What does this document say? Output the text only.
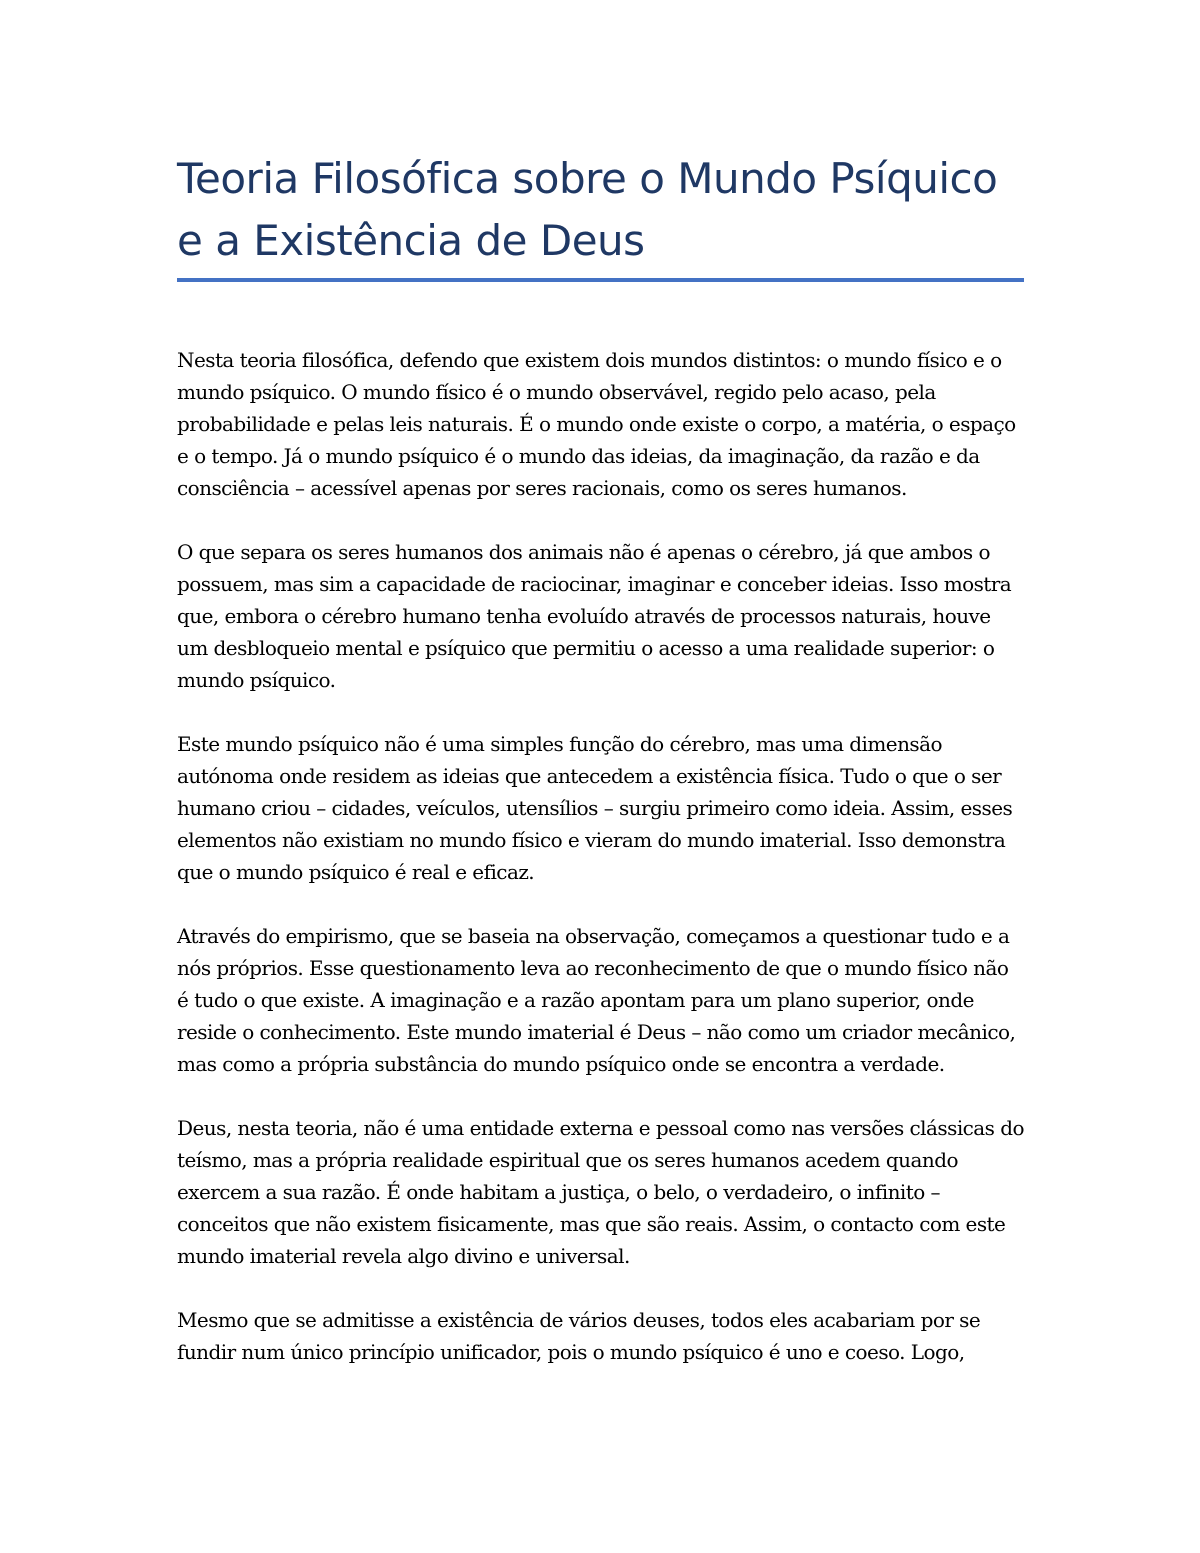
Teoria Filosófica sobre o Mundo Psíquico e a Existência de Deus

Nesta teoria filosófica, defendo que existem dois mundos distintos: o mundo físico e o mundo psíquico. O mundo físico é o mundo observável, regido pelo acaso, pela probabilidade e pelas leis naturais. É o mundo onde existe o corpo, a matéria, o espaço e o tempo. Já o mundo psíquico é o mundo das ideias, da imaginação, da razão e da consciência – acessível apenas por seres racionais, como os seres humanos.

O que separa os seres humanos dos animais não é apenas o cérebro, já que ambos o possuem, mas sim a capacidade de raciocinar, imaginar e conceber ideias. Isso mostra que, embora o cérebro humano tenha evoluído através de processos naturais, houve um desbloqueio mental e psíquico que permitiu o acesso a uma realidade superior: o mundo psíquico.

Este mundo psíquico não é uma simples função do cérebro, mas uma dimensão autónoma onde residem as ideias que antecedem a existência física. Tudo o que o ser humano criou – cidades, veículos, utensílios – surgiu primeiro como ideia. Assim, esses elementos não existiam no mundo físico e vieram do mundo imaterial. Isso demonstra que o mundo psíquico é real e eficaz.

Através do empirismo, que se baseia na observação, começamos a questionar tudo e a nós próprios. Esse questionamento leva ao reconhecimento de que o mundo físico não é tudo o que existe. A imaginação e a razão apontam para um plano superior, onde reside o conhecimento. Este mundo imaterial é Deus – não como um criador mecânico, mas como a própria substância do mundo psíquico onde se encontra a verdade.

Deus, nesta teoria, não é uma entidade externa e pessoal como nas versões clássicas do teísmo, mas a própria realidade espiritual que os seres humanos acedem quando exercem a sua razão. É onde habitam a justiça, o belo, o verdadeiro, o infinito – conceitos que não existem fisicamente, mas que são reais. Assim, o contacto com este mundo imaterial revela algo divino e universal.

Mesmo que se admitisse a existência de vários deuses, todos eles acabariam por se fundir num único princípio unificador, pois o mundo psíquico é uno e coeso. Logo,
